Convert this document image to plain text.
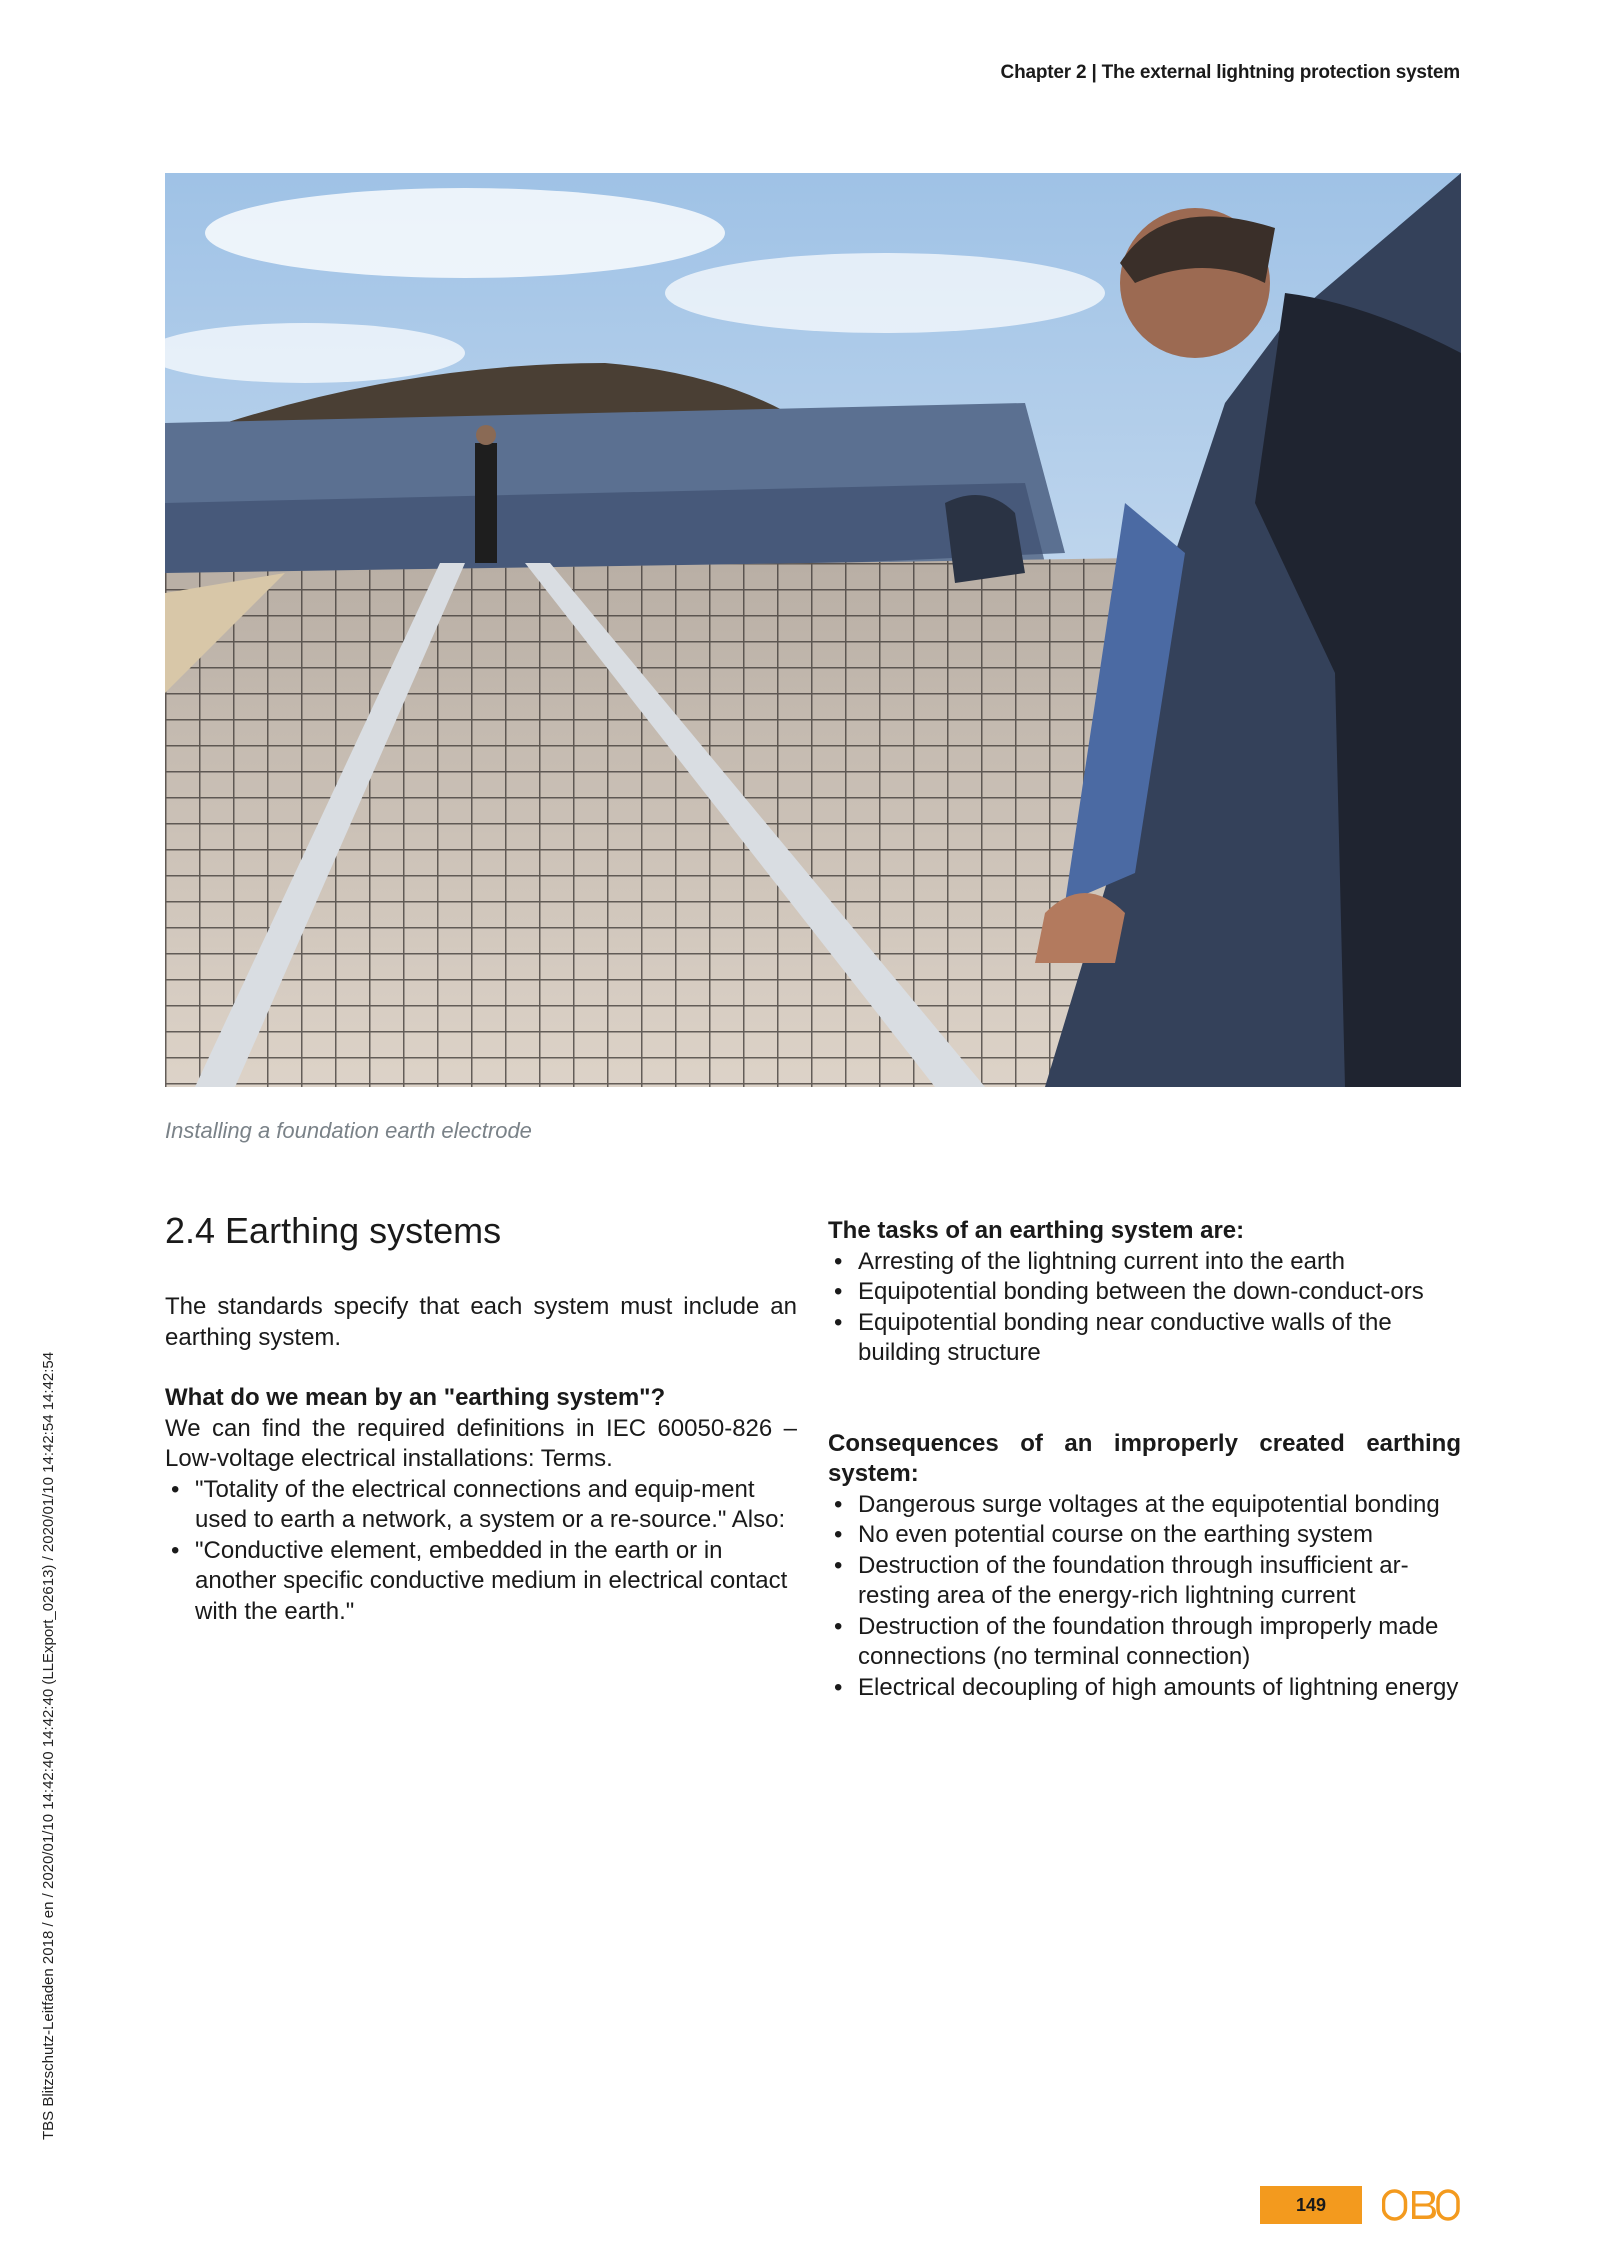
Chapter 2 | The external lightning protection system
Installing a foundation earth electrode
TBS Blitzschutz-Leitfaden 2018 / en / 2020/01/10 14:42:40 14:42:40 (LLExport_02613) / 2020/01/10 14:42:54 14:42:54
2.4 Earthing systems

The standards specify that each system must include an earthing system.

What do we mean by an "earthing system"?

We can find the required definitions in IEC 60050-826 – Low-voltage electrical installations: Terms.

• "Totality of the electrical connections and equip-ment used to earth a network, a system or a re-source." Also:
• "Conductive element, embedded in the earth or in another specific conductive medium in electrical contact with the earth."

The tasks of an earthing system are:

• Arresting of the lightning current into the earth
• Equipotential bonding between the down-conduct-ors
• Equipotential bonding near conductive walls of the building structure

Consequences of an improperly created earthing system:

• Dangerous surge voltages at the equipotential bonding
• No even potential course on the earthing system
• Destruction of the foundation through insufficient ar-resting area of the energy-rich lightning current
• Destruction of the foundation through improperly made connections (no terminal connection)
• Electrical decoupling of high amounts of lightning energy
149
